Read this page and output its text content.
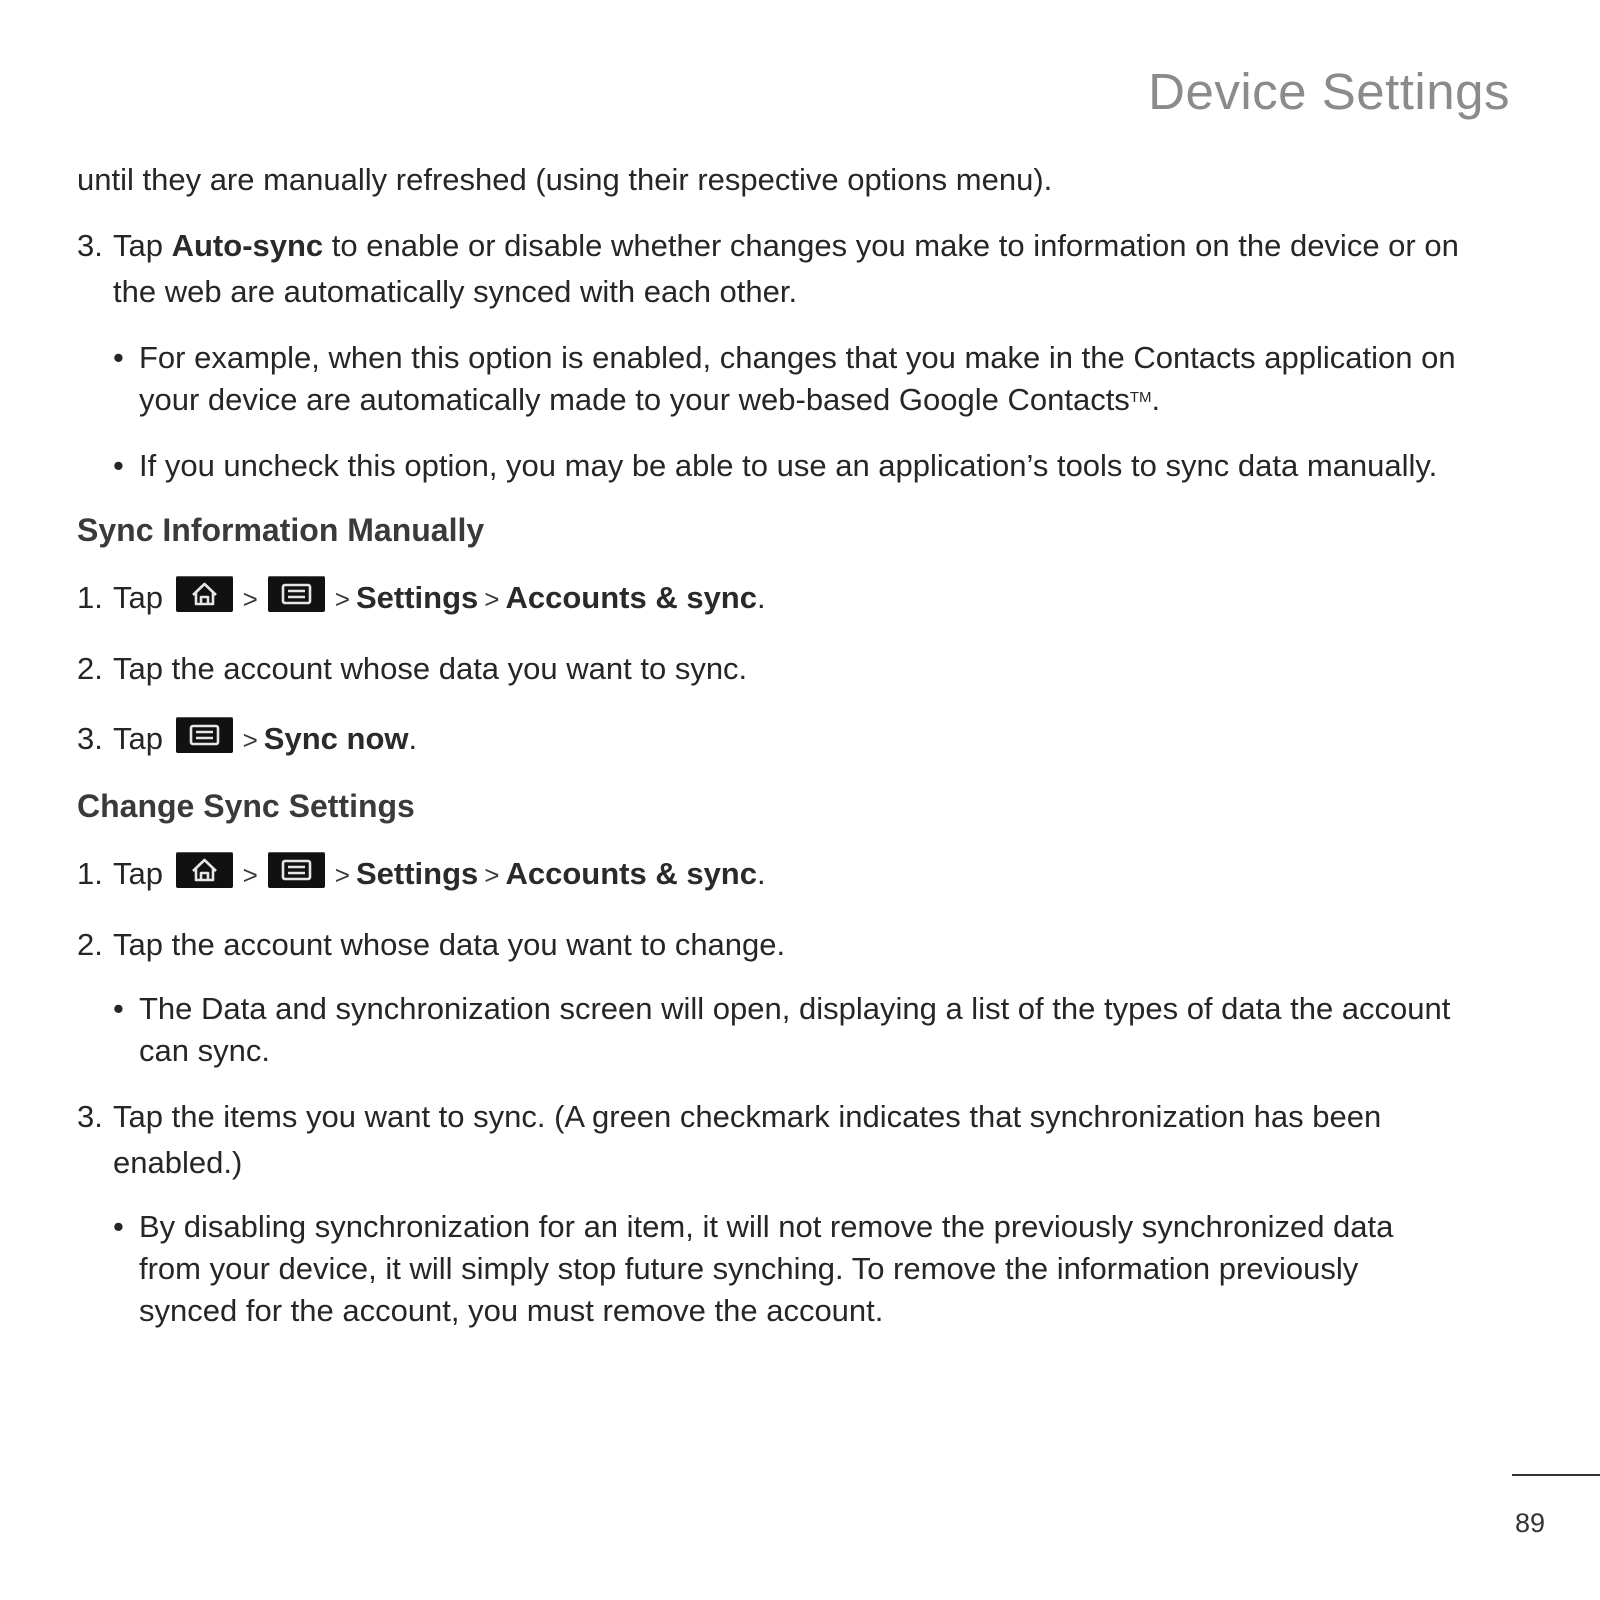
Device Settings

until they are manually refreshed (using their respective options menu).

3. Tap Auto-sync to enable or disable whether changes you make to information on the device or on
the web are automatically synced with each other.
• For example, when this option is enabled, changes that you make in the Contacts application on
your device are automatically made to your web-based Google Contacts™.
• If you uncheck this option, you may be able to use an application’s tools to sync data manually.
Sync Information Manually
1. Tap	>	> Settings > Accounts & sync.
2. Tap the account whose data you want to sync.
3. Tap	> Sync now.
Change Sync Settings
1. Tap	>	> Settings > Accounts & sync.
2. Tap the account whose data you want to change.
• The Data and synchronization screen will open, displaying a list of the types of data the account
can sync.
3. Tap the items you want to sync. (A green checkmark indicates that synchronization has been
enabled.)
• By disabling synchronization for an item, it will not remove the previously synchronized data
from your device, it will simply stop future synching. To remove the information previously
synced for the account, you must remove the account.
89
